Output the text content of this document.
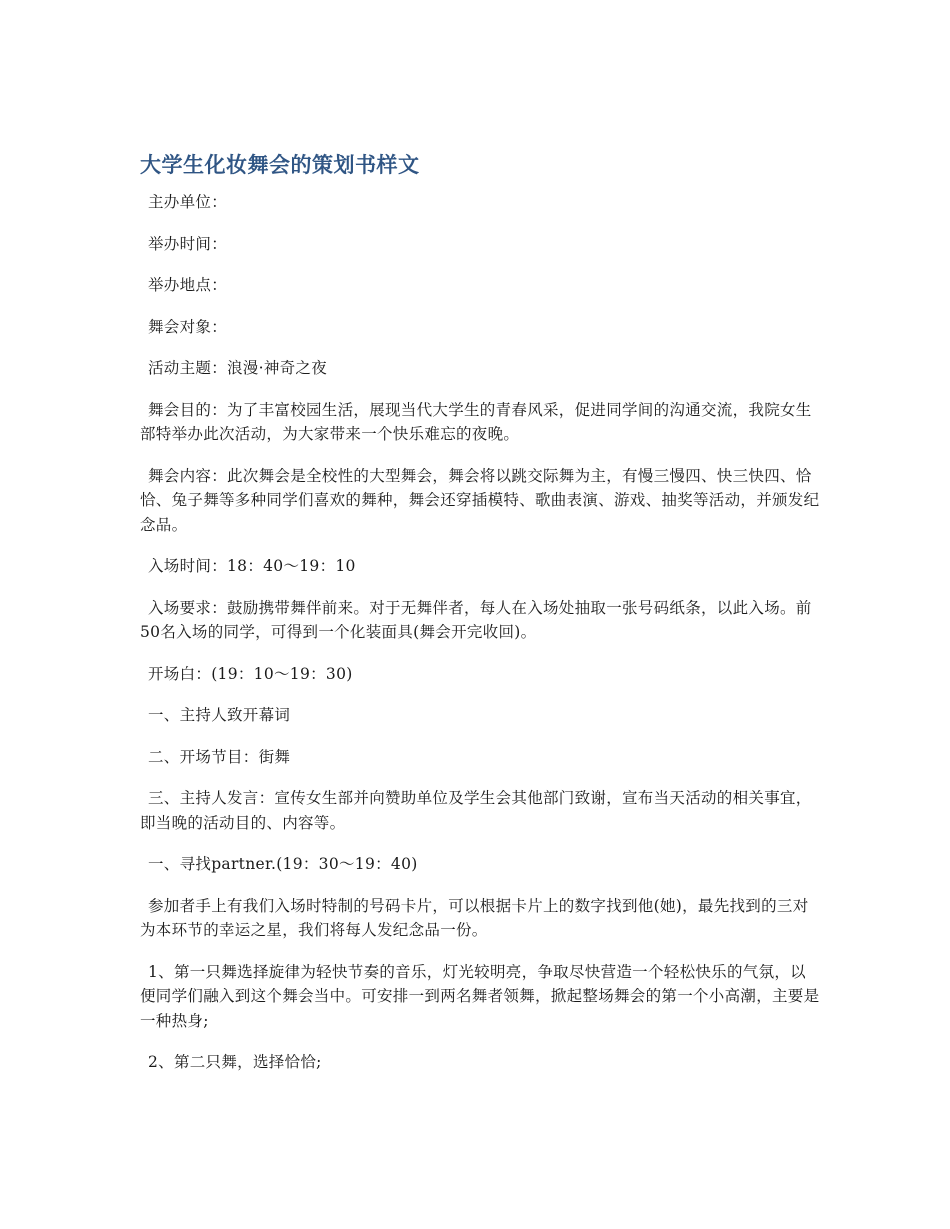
大学生化妆舞会的策划书样文

主办单位：

举办时间：

举办地点：

舞会对象：

活动主题：浪漫·神奇之夜

舞会目的：为了丰富校园生活，展现当代大学生的青春风采，促进同学间的沟通交流，我院女生部特举办此次活动，为大家带来一个快乐难忘的夜晚。

舞会内容：此次舞会是全校性的大型舞会，舞会将以跳交际舞为主，有慢三慢四、快三快四、恰恰、兔子舞等多种同学们喜欢的舞种，舞会还穿插模特、歌曲表演、游戏、抽奖等活动，并颁发纪念品。

入场时间：18：40～19：10

入场要求：鼓励携带舞伴前来。对于无舞伴者，每人在入场处抽取一张号码纸条，以此入场。前50名入场的同学，可得到一个化装面具(舞会开完收回)。

开场白：(19：10～19：30)

一、主持人致开幕词

二、开场节目：街舞

三、主持人发言：宣传女生部并向赞助单位及学生会其他部门致谢，宣布当天活动的相关事宜，即当晚的活动目的、内容等。

一、寻找partner.(19：30～19：40)

参加者手上有我们入场时特制的号码卡片，可以根据卡片上的数字找到他(她)，最先找到的三对为本环节的幸运之星，我们将每人发纪念品一份。

1、第一只舞选择旋律为轻快节奏的音乐，灯光较明亮，争取尽快营造一个轻松快乐的气氛，以便同学们融入到这个舞会当中。可安排一到两名舞者领舞，掀起整场舞会的第一个小高潮，主要是一种热身;

2、第二只舞，选择恰恰;
